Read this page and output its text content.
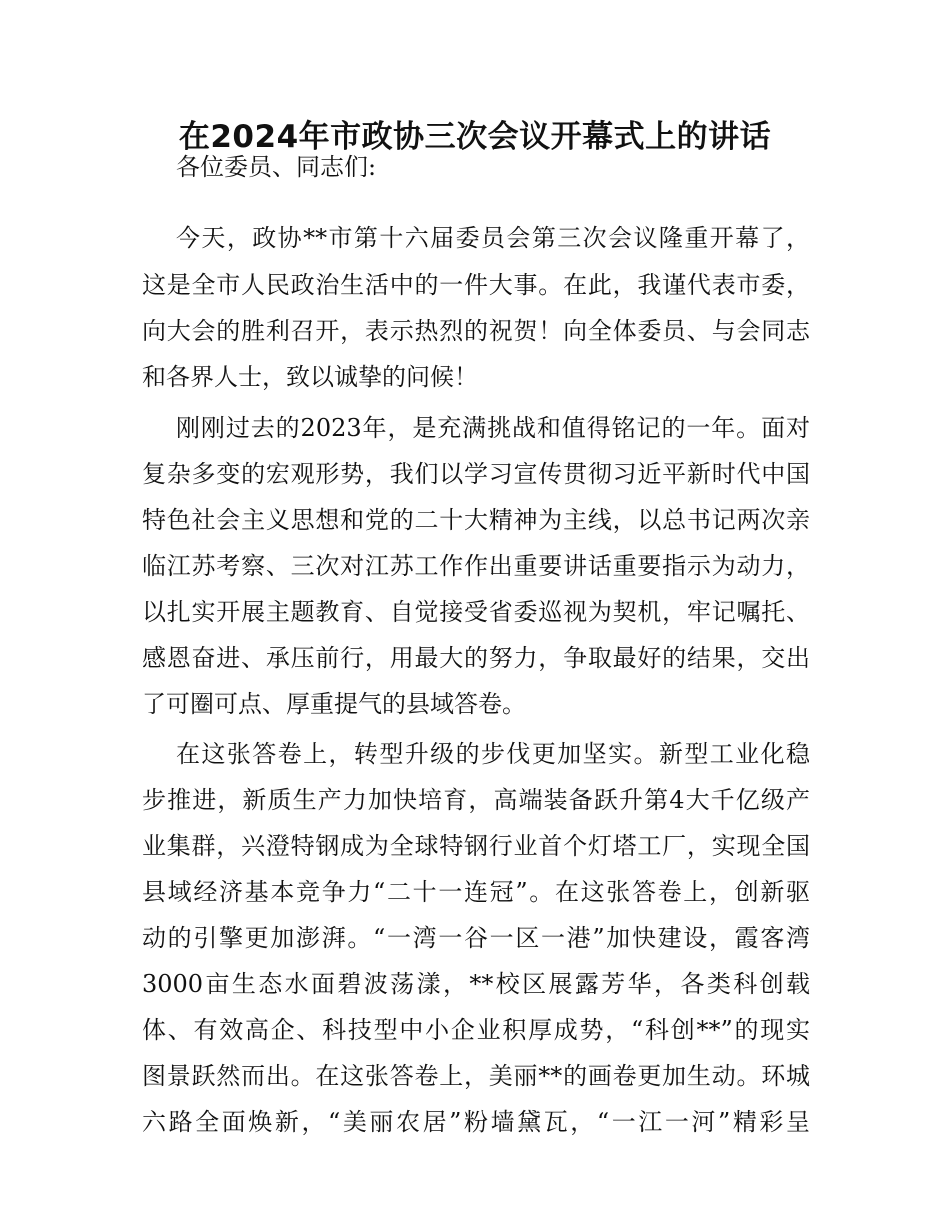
在2024年市政协三次会议开幕式上的讲话

各位委员、同志们:

今天，政协**市第十六届委员会第三次会议隆重开幕了，

这是全市人民政治生活中的一件大事。在此，我谨代表市委，

向大会的胜利召开，表示热烈的祝贺！向全体委员、与会同志

和各界人士，致以诚挚的问候！

刚刚过去的2023年，是充满挑战和值得铭记的一年。面对

复杂多变的宏观形势，我们以学习宣传贯彻习近平新时代中国

特色社会主义思想和党的二十大精神为主线，以总书记两次亲

临江苏考察、三次对江苏工作作出重要讲话重要指示为动力，

以扎实开展主题教育、自觉接受省委巡视为契机，牢记嘱托、

感恩奋进、承压前行，用最大的努力，争取最好的结果，交出

了可圈可点、厚重提气的县域答卷。

在这张答卷上，转型升级的步伐更加坚实。新型工业化稳

步推进，新质生产力加快培育，高端装备跃升第4大千亿级产

业集群，兴澄特钢成为全球特钢行业首个灯塔工厂，实现全国

县域经济基本竞争力“二十一连冠”。在这张答卷上，创新驱

动的引擎更加澎湃。“一湾一谷一区一港”加快建设，霞客湾

3000亩生态水面碧波荡漾，**校区展露芳华，各类科创载

体、有效高企、科技型中小企业积厚成势，“科创**”的现实

图景跃然而出。在这张答卷上，美丽**的画卷更加生动。环城

六路全面焕新，“美丽农居”粉墙黛瓦，“一江一河”精彩呈
